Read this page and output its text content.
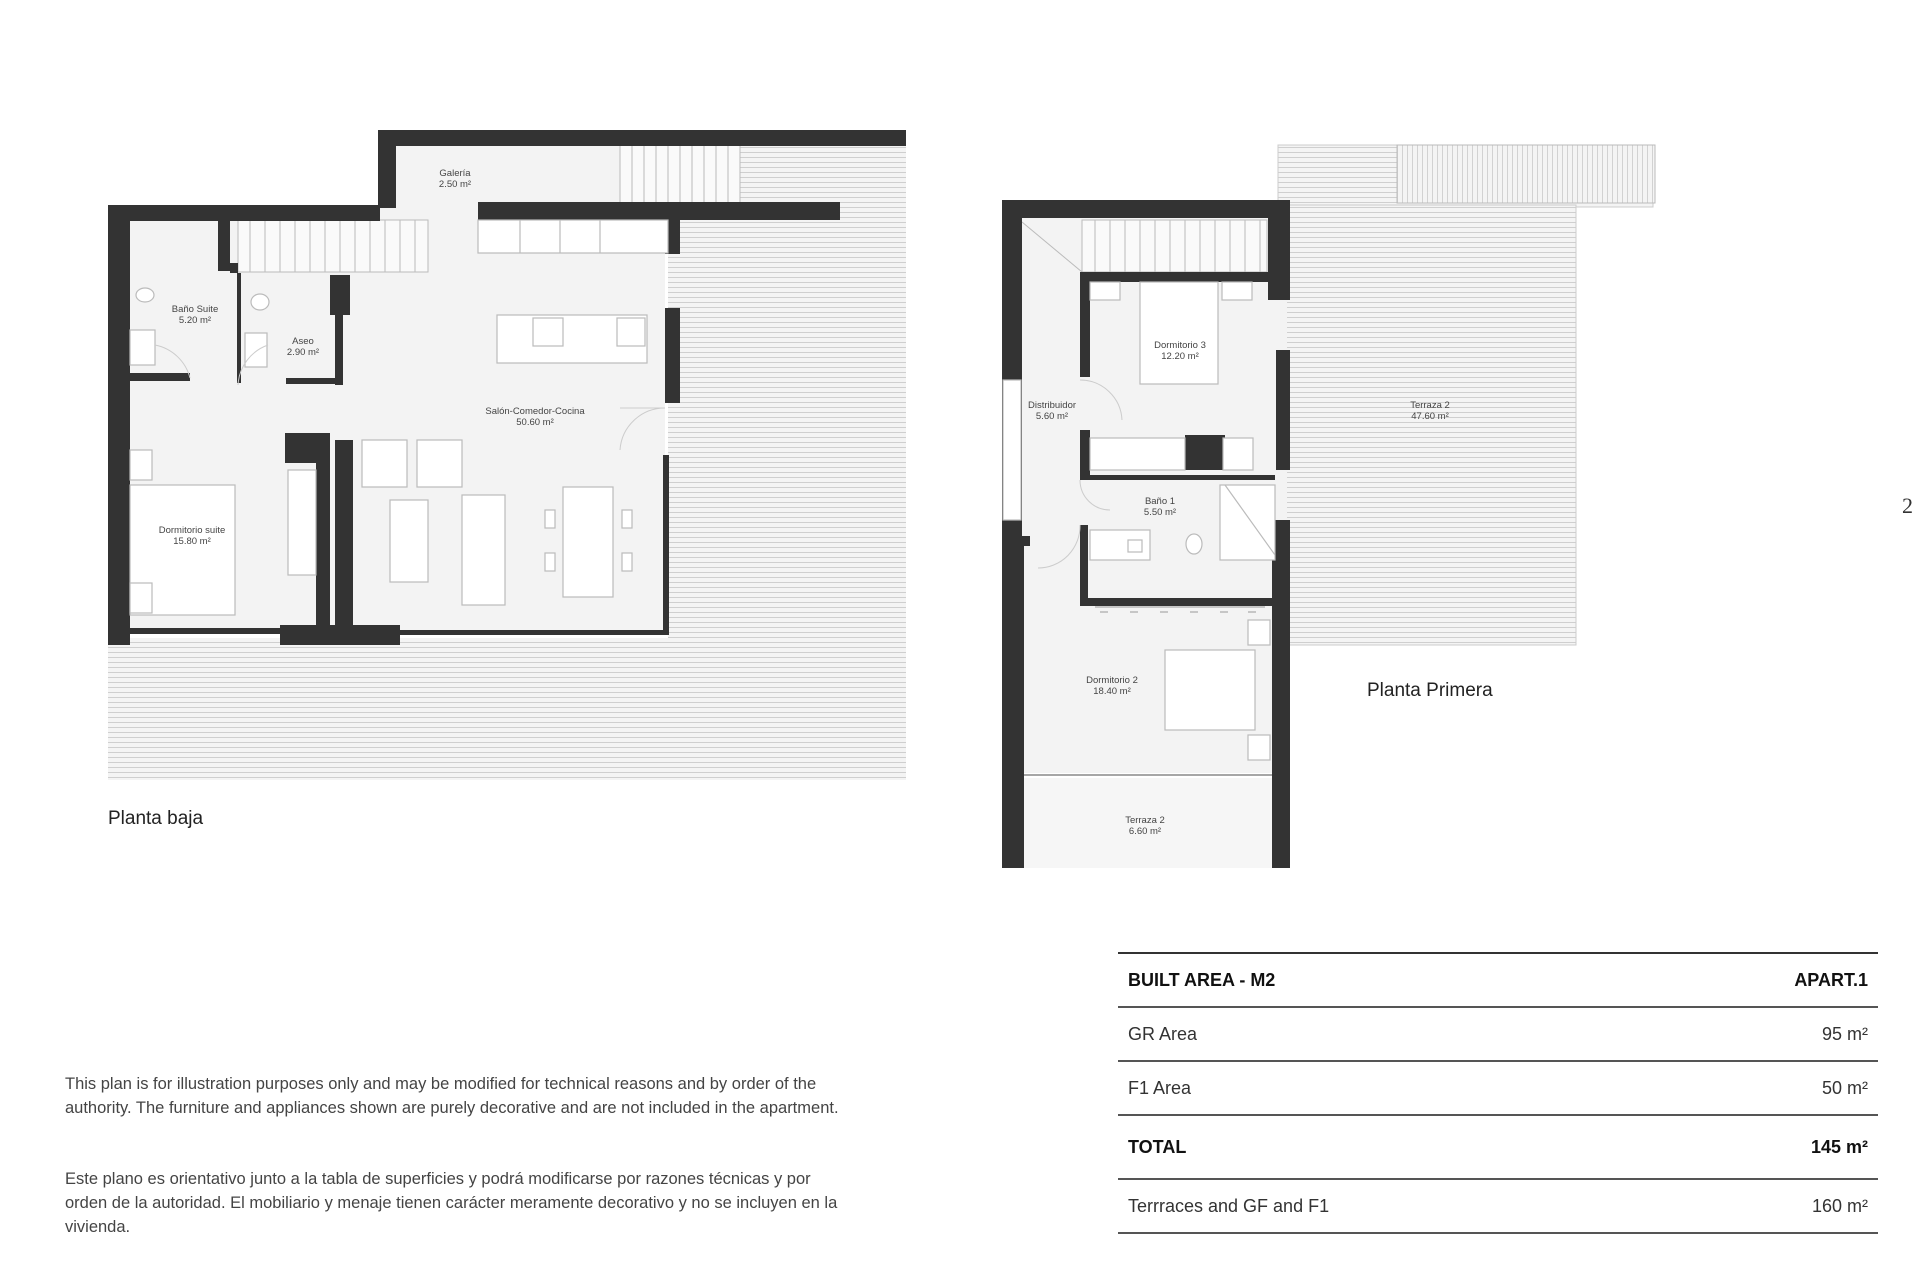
Galería
2.50 m²
Baño Suite
5.20 m²
Aseo
2.90 m²
Salón-Comedor-Cocina
50.60 m²
Dormitorio suite
15.80 m²
Dormitorio 3
12.20 m²
Distribuidor
5.60 m²
Terraza 2
47.60 m²
Baño 1
5.50 m²
Dormitorio 2
18.40 m²
Terraza 2
6.60 m²
Planta baja
Planta Primera

This plan is for illustration purposes only and may be modified for technical reasons and by order of the authority. The furniture and appliances shown are purely decorative and are not included in the apartment.

Este plano es orientativo junto a la tabla de superficies y podrá modificarse por razones técnicas y por orden de la autoridad. El mobiliario y menaje tienen carácter meramente decorativo y no se incluyen en la vivienda.

BUILT AREA - M2	APART.1
GR Area	95 m²
F1 Area	50 m²
TOTAL	145 m²
Terrraces and GF and F1	160 m²
2
